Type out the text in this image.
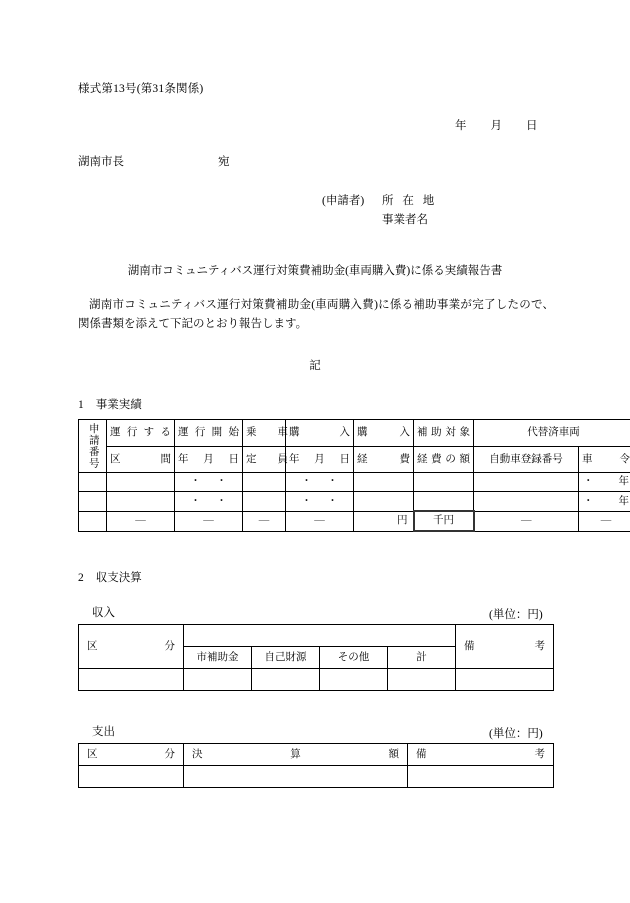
様式第13号(第31条関係)
年 月 日
湖南市長	宛
(申請者) 所 在 地
事業者名
湖南市コミュニティバス運行対策費補助金(車両購入費)に係る実績報告書
湖南市コミュニティバス運行対策費補助金(車両購入費)に係る補助事業が完了したので、関係書類を添えて下記のとおり報告します。
記
1 事業実績
申請番号	運行する	運行開始	乗　　車	購　　入	購　　入	補助対象	代替済車両	
	区　　間	年　月　日	定　　員	年　月　日	経　　費	経費の額	自動車登録番号	車　令
		・ ・		・ ・				・年
		・ ・		・ ・				・年
	—	—	—	—	円	千円	—	—
2 収支決算
収入	(単位：円)
区　　　　　　分					備　　　　　考
	市補助金	自己財源	その他	計	

支出	(単位：円)
区　　　　　　分	決　　算　　額	備　　　　　考
